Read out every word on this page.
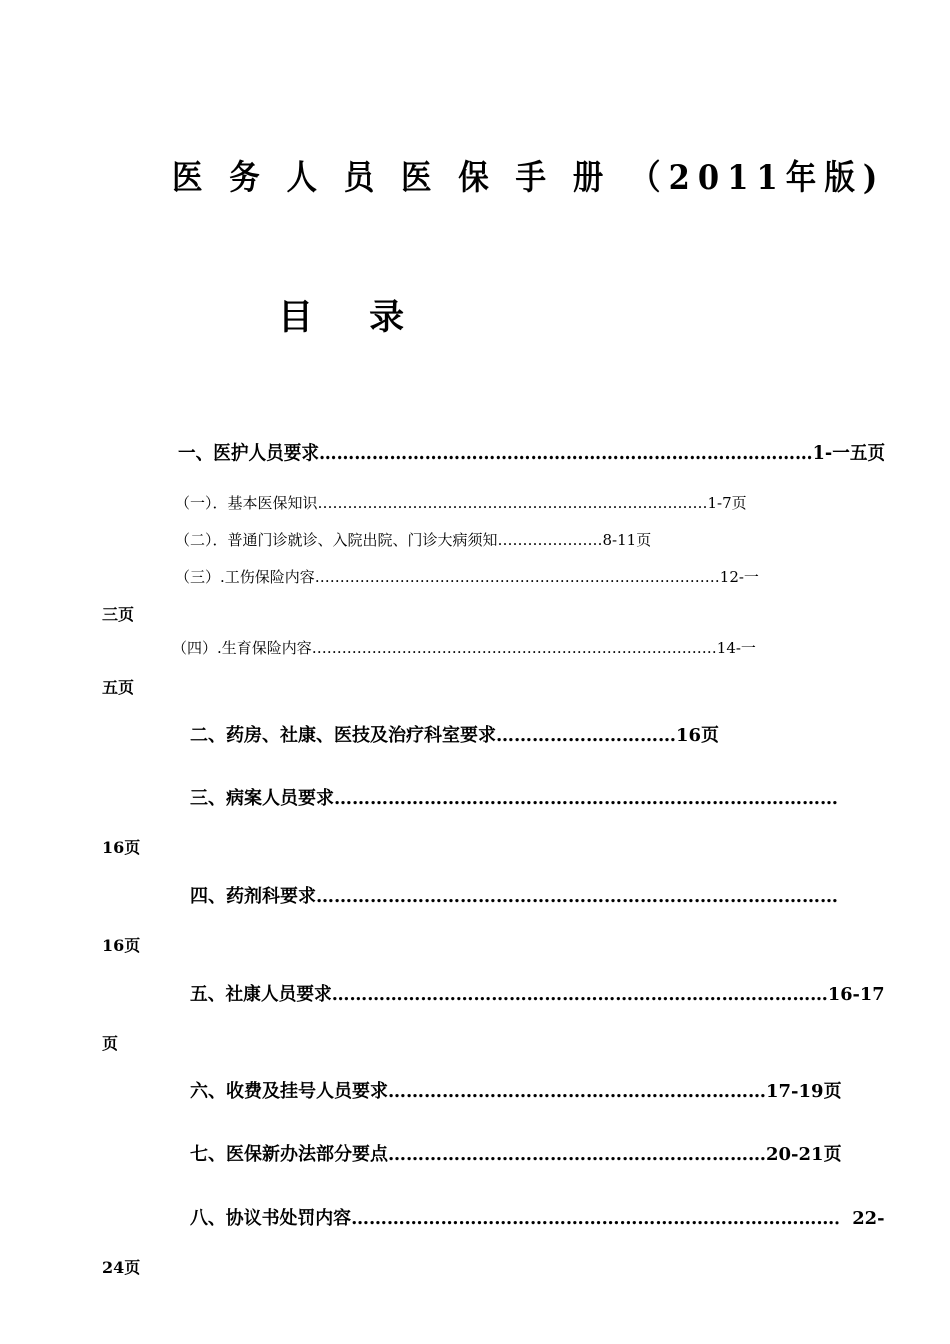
医 务 人 员 医 保 手 册 （2011年版)
目 录
一、医护人员要求…………………………………………………………………………1-一五页
（一）．基本医保知识……………………………………………………………………1-7页
（二）．普通门诊就诊、入院出院、门诊大病须知…………………8-11页
（三）.工伤保险内容………………………………………………………………………12-一
三页
（四）.生育保险内容………………………………………………………………………14-一
五页
二、药房、社康、医技及治疗科室要求…………………………16页
三、病案人员要求…………………………………………………………………………
16页
四、药剂科要求……………………………………………………………………………
16页
五、社康人员要求…………………………………………………………………………16-17
页
六、收费及挂号人员要求………………………………………………………17-19页
七、医保新办法部分要点………………………………………………………20-21页
八、协议书处罚内容………………………………………………………………………．22-
24页
